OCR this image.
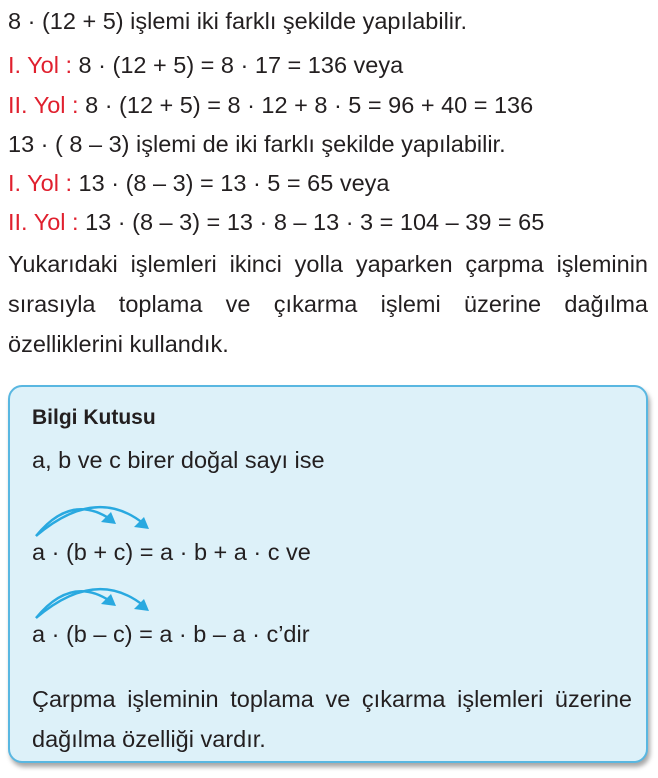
8 · (12 + 5) işlemi iki farklı şekilde yapılabilir.
I. Yol : 8 · (12 + 5) = 8 · 17 = 136 veya
II. Yol : 8 · (12 + 5) = 8 · 12 + 8 · 5 = 96 + 40 = 136
13 · ( 8 – 3) işlemi de iki farklı şekilde yapılabilir.
I. Yol : 13 · (8 – 3) = 13 · 5 = 65 veya
II. Yol : 13 · (8 – 3) = 13 · 8 – 13 · 3 = 104 – 39 = 65
Yukarıdaki işlemleri ikinci yolla yaparken çarpma işleminin sırasıyla toplama ve çıkarma işlemi üzerine dağılma özelliklerini kullandık.
Bilgi Kutusu
a, b ve c birer doğal sayı ise
a · (b + c) = a · b + a · c ve
a · (b – c) = a · b – a · c’dir
Çarpma işleminin toplama ve çıkarma işlemleri üzerine dağılma özelliği vardır.
